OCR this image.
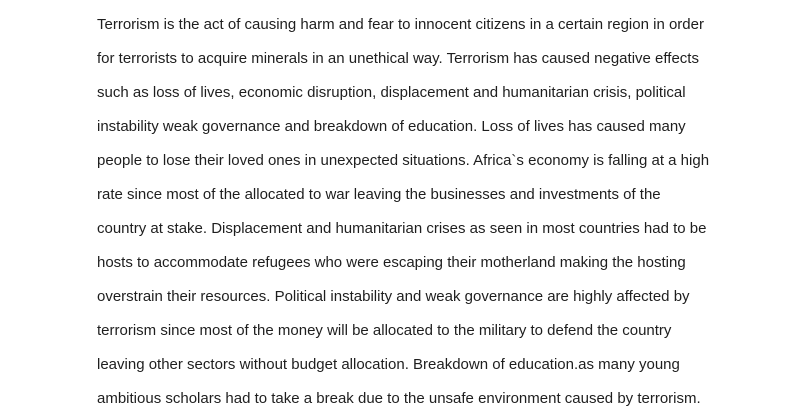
Terrorism is the act of causing harm and fear to innocent citizens in a certain region in order
for terrorists to acquire minerals in an unethical way. Terrorism has caused negative effects
such as loss of lives, economic disruption, displacement and humanitarian crisis, political
instability weak governance and breakdown of education. Loss of lives has caused many
people to lose their loved ones in unexpected situations. Africa`s economy is falling at a high
rate since most of the allocated to war leaving the businesses and investments of the
country at stake. Displacement and humanitarian crises as seen in most countries had to be
hosts to accommodate refugees who were escaping their motherland making the hosting
overstrain their resources. Political instability and weak governance are highly affected by
terrorism since most of the money will be allocated to the military to defend the country
leaving other sectors without budget allocation. Breakdown of education.as many young
ambitious scholars had to take a break due to the unsafe environment caused by terrorism.
